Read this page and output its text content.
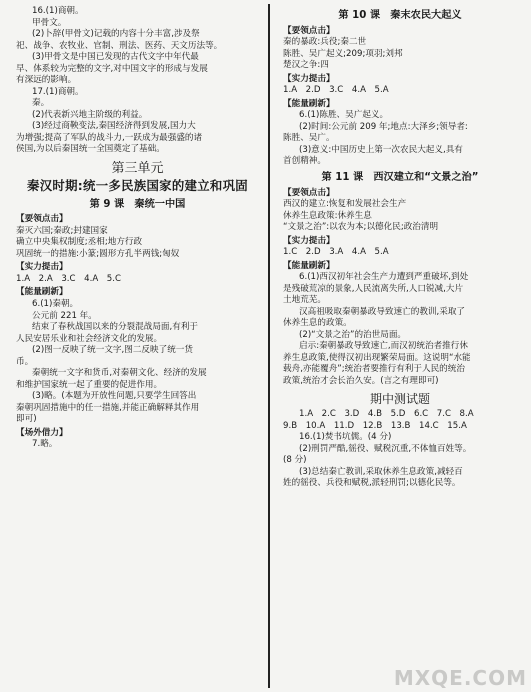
16.(1)商朝。
甲骨文。
(2)卜辞(甲骨文)记载的内容十分丰富,涉及祭
祀、战争、农牧业、官制、刑法、医药、天文历法等。
(3)甲骨文是中国已发现的古代文字中年代最
早、体系较为完整的文字,对中国文字的形成与发展
有深远的影响。
17.(1)商朝。
秦。
(2)代表新兴地主阶级的利益。
(3)经过商鞅变法,秦国经济得到发展,国力大
为增强;提高了军队的战斗力,一跃成为最强盛的诸
侯国,为以后秦国统一全国奠定了基础。
第三单元
秦汉时期:统一多民族国家的建立和巩固
第 9 课　秦统一中国
【要领点击】
秦灭六国;秦政;封建国家
确立中央集权制度;丞相;地方行政
巩固统一的措施:小篆;圆形方孔半两钱;匈奴
【实力提击】
1.A　2.A　3.C　4.A　5.C
【能量刷新】
6.(1)秦朝。
公元前 221 年。
结束了春秋战国以来的分裂混战局面,有利于
人民安居乐业和社会经济文化的发展。
(2)图一反映了统一文字,图二反映了统一货
币。
秦朝统一文字和货币,对秦朝文化、经济的发展
和维护国家统一起了重要的促进作用。
(3)略。(本题为开放性问题,只要学生回答出
秦朝巩固措施中的任一措施,并能正确解释其作用
即可)
【场外借力】
7.略。
第 10 课　秦末农民大起义
【要领点击】
秦的暴政:兵役;秦二世
陈胜、吴广起义;209;项羽;刘邦
楚汉之争:四
【实力提击】
1.A　2.D　3.C　4.A　5.A
【能量刷新】
6.(1)陈胜、吴广起义。
(2)时间:公元前 209 年;地点:大泽乡;领导者:
陈胜、吴广。
(3)意义:中国历史上第一次农民大起义,具有
首创精神。
第 11 课　西汉建立和“文景之治”
【要领点击】
西汉的建立:恢复和发展社会生产
休养生息政策:休养生息
“文景之治”:以农为本;以德化民;政治清明
【实力提击】
1.C　2.D　3.A　4.A　5.A
【能量刷新】
6.(1)西汉初年社会生产力遭到严重破坏,到处
是残破荒凉的景象,人民流离失所,人口锐减,大片
土地荒芜。
汉高祖吸取秦朝暴政导致速亡的教训,采取了
休养生息的政策。
(2)“文景之治”的治世局面。
启示:秦朝暴政导致速亡,而汉初统治者推行休
养生息政策,使得汉初出现繁荣局面。这说明“水能
载舟,亦能覆舟”;统治者要推行有利于人民的统治
政策,统治才会长治久安。(言之有理即可)
期中测试题
1.A　2.C　3.D　4.B　5.D　6.C　7.C　8.A
9.B　10.A　11.D　12.B　13.B　14.C　15.A
16.(1)焚书坑儒。(4 分)
(2)刑罚严酷,徭役、赋税沉重,不体恤百姓等。
(8 分)
(3)总结秦亡教训,采取休养生息政策,减轻百
姓的徭役、兵役和赋税,派轻刑罚;以德化民等。
MXQE.COM
